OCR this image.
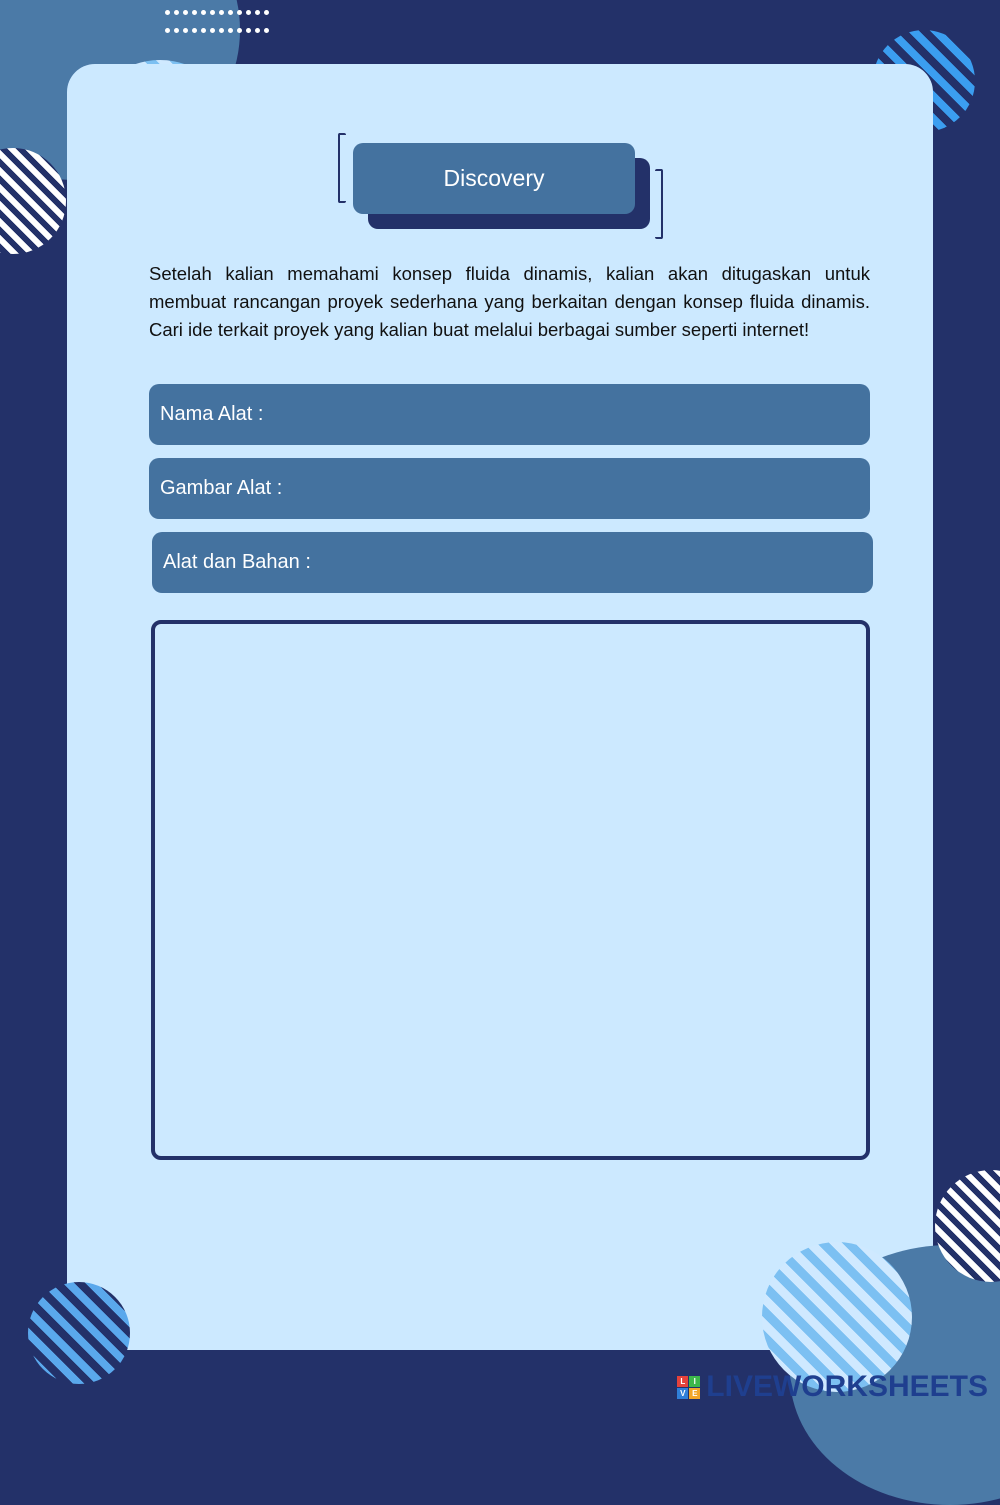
Discovery
Setelah kalian memahami konsep fluida dinamis, kalian akan ditugaskan untuk membuat rancangan proyek sederhana yang berkaitan dengan konsep fluida dinamis. Cari ide terkait proyek yang kalian buat melalui berbagai sumber seperti internet!
Nama Alat :
Gambar Alat :
Alat dan Bahan :
L	I
V E LIVEWORKSHEETS
